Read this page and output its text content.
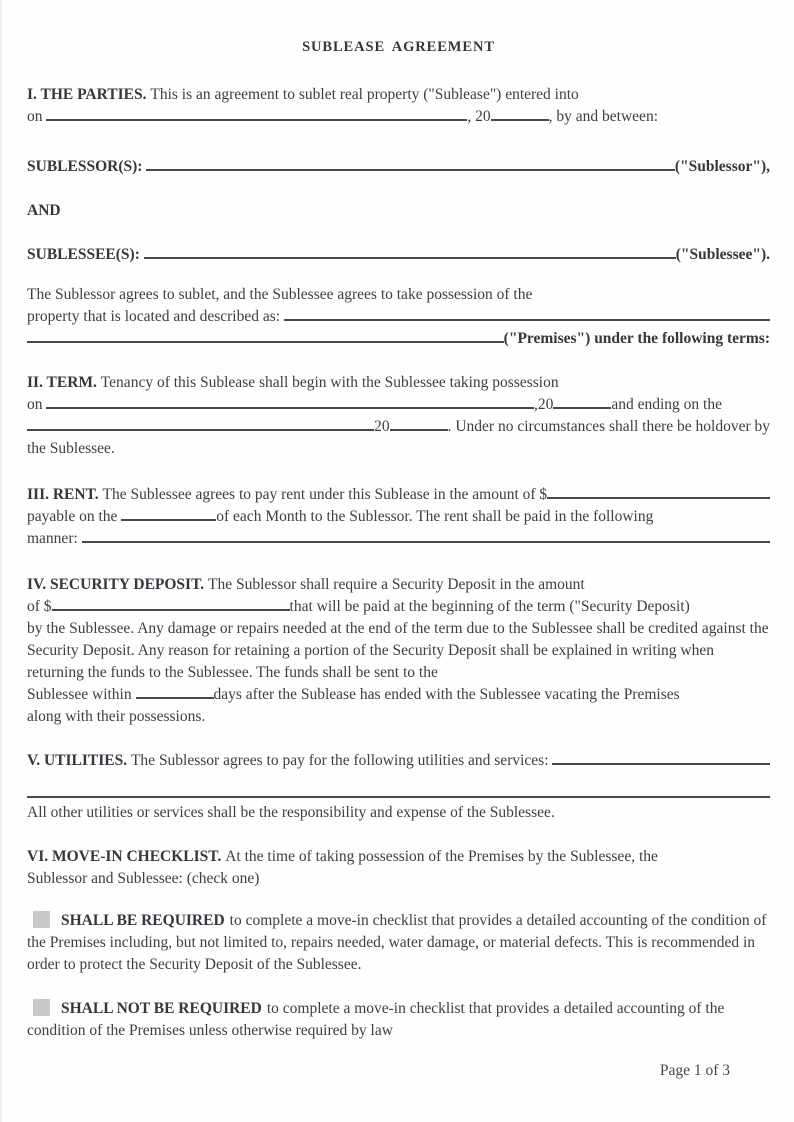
SUBLEASE AGREEMENT
I. THE PARTIES. This is an agreement to sublet real property ("Sublease") entered into
on	, 20	, by and between:
SUBLESSOR(S):	("Sublessor"),
AND
SUBLESSEE(S):	("Sublessee").
The Sublessor agrees to sublet, and the Sublessee agrees to take possession of the
property that is located and described as:
("Premises") under the following terms:
II. TERM. Tenancy of this Sublease shall begin with the Sublessee taking possession
on	,20	and ending on the
20	. Under no circumstances shall there be holdover by
the Sublessee.
III. RENT. The Sublessee agrees to pay rent under this Sublease in the amount of $
payable on the	of each Month to the Sublessor. The rent shall be paid in the following
manner:
IV. SECURITY DEPOSIT. The Sublessor shall require a Security Deposit in the amount
of $	that will be paid at the beginning of the term ("Security Deposit)

by the Sublessee. Any damage or repairs needed at the end of the term due to the Sublessee shall be credited against the Security Deposit. Any reason for retaining a portion of the Security Deposit shall be explained in writing when returning the funds to the Sublessee. The funds shall be sent to the

Sublessee within	days after the Sublease has ended with the Sublessee vacating the Premises
along with their possessions.
V. UTILITIES. The Sublessor agrees to pay for the following utilities and services:
All other utilities or services shall be the responsibility and expense of the Sublessee.
VI. MOVE-IN CHECKLIST. At the time of taking possession of the Premises by the Sublessee, the
Sublessor and Sublessee: (check one)

SHALL BE REQUIRED to complete a move-in checklist that provides a detailed accounting of the condition of the Premises including, but not limited to, repairs needed, water damage, or material defects. This is recommended in order to protect the Security Deposit of the Sublessee.

SHALL NOT BE REQUIRED to complete a move-in checklist that provides a detailed accounting of the condition of the Premises unless otherwise required by law

Page 1 of 3
